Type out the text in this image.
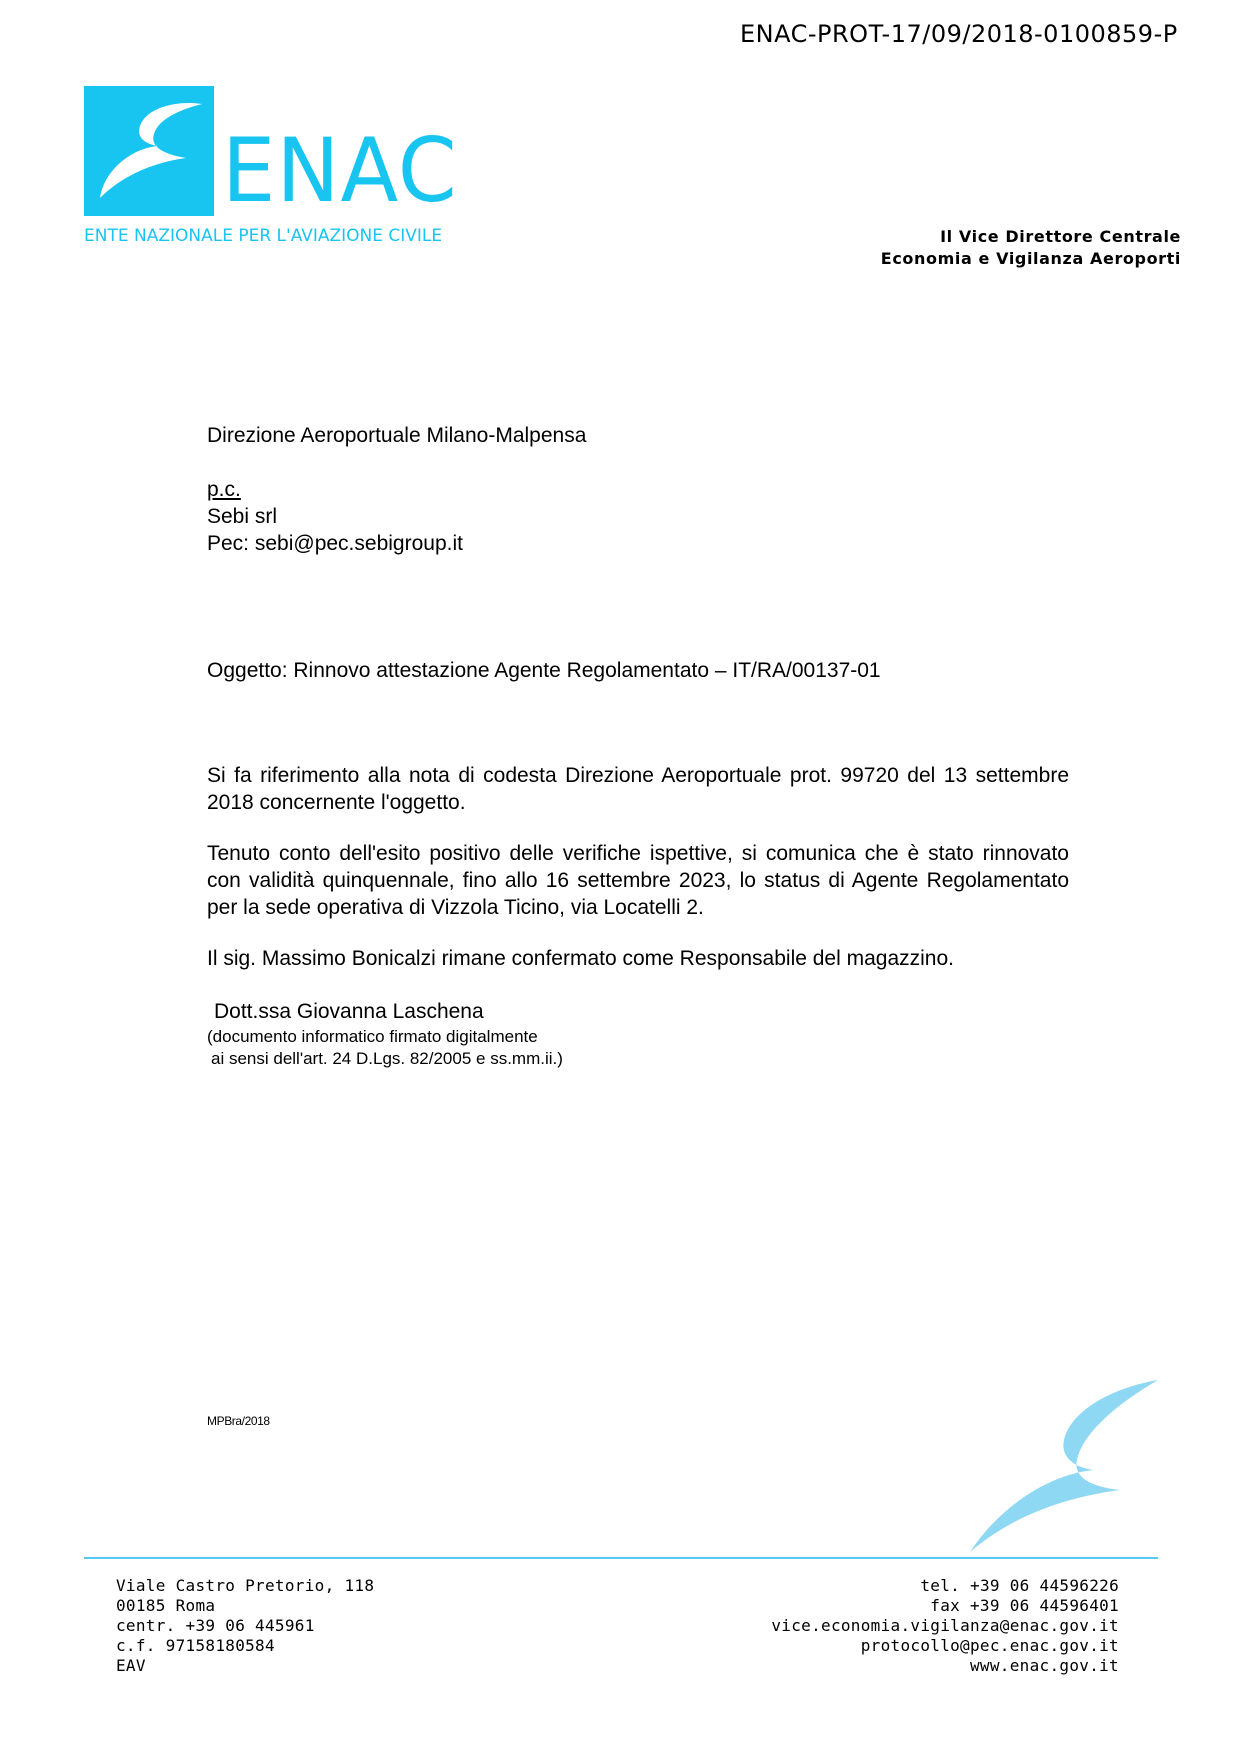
ENAC-PROT-17/09/2018-0100859-P
ENAC
ENTE NAZIONALE PER L'AVIAZIONE CIVILE	Il Vice Direttore Centrale
Economia e Vigilanza Aeroporti
Direzione Aeroportuale Milano-Malpensa
p.c.
Sebi srl
Pec: sebi@pec.sebigroup.it
Oggetto: Rinnovo attestazione Agente Regolamentato – IT/RA/00137-01
Si fa riferimento alla nota di codesta Direzione Aeroportuale prot. 99720 del 13 settembre 2018 concernente l'oggetto.
Tenuto conto dell'esito positivo delle verifiche ispettive, si comunica che è stato rinnovato con validità quinquennale, fino allo 16 settembre 2023, lo status di Agente Regolamentato per la sede operativa di Vizzola Ticino, via Locatelli 2.
Il sig. Massimo Bonicalzi rimane confermato come Responsabile del magazzino.
Dott.ssa Giovanna Laschena
(documento informatico firmato digitalmente
ai sensi dell'art. 24 D.Lgs. 82/2005 e ss.mm.ii.)
MPBra/2018
Viale Castro Pretorio, 118
00185 Roma
centr. +39 06 445961
c.f. 97158180584
EAV
tel. +39 06 44596226
fax +39 06 44596401
vice.economia.vigilanza@enac.gov.it
protocollo@pec.enac.gov.it
www.enac.gov.it
